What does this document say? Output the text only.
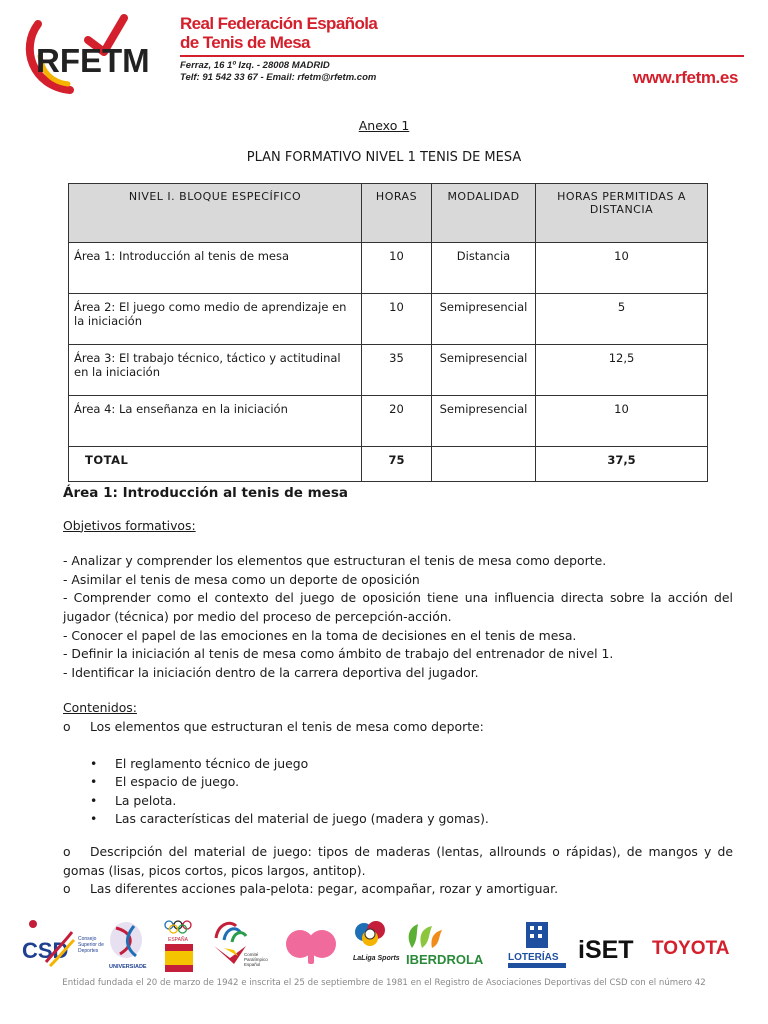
RFETM
Real Federación Española
de Tenis de Mesa
Ferraz, 16 1º Izq. - 28008 MADRID
Telf: 91 542 33 67 - Email: rfetm@rfetm.com	www.rfetm.es
Anexo 1
PLAN FORMATIVO NIVEL 1 TENIS DE MESA
NIVEL I. BLOQUE ESPECÍFICO	HORAS	MODALIDAD	HORAS PERMITIDAS A DISTANCIA
Área 1: Introducción al tenis de mesa	10	Distancia	10
Área 2: El juego como medio de aprendizaje en la iniciación	10	Semipresencial	5
Área 3: El trabajo técnico, táctico y actitudinal en la iniciación	35	Semipresencial	12,5
Área 4: La enseñanza en la iniciación	20	Semipresencial	10
TOTAL	75		37,5
Área 1: Introducción al tenis de mesa
Objetivos formativos:

- Analizar y comprender los elementos que estructuran el tenis de mesa como deporte.

- Asimilar el tenis de mesa como un deporte de oposición

- Comprender como el contexto del juego de oposición tiene una influencia directa sobre la acción del jugador (técnica) por medio del proceso de percepción-acción.

- Conocer el papel de las emociones en la toma de decisiones en el tenis de mesa.

- Definir la iniciación al tenis de mesa como ámbito de trabajo del entrenador de nivel 1.

- Identificar la iniciación dentro de la carrera deportiva del jugador.

Contenidos:

o Los elementos que estructuran el tenis de mesa como deporte:

• El reglamento técnico de juego
• El espacio de juego.
• La pelota.
• Las características del material de juego (madera y gomas).

o Descripción del material de juego: tipos de maderas (lentas, allrounds o rápidas), de mangos y de gomas (lisas, picos cortos, picos largos, antitop).

o Las diferentes acciones pala-pelota: pegar, acompañar, rozar y amortiguar.

CSD Consejo Superior de Deportes
UNIVERSIADE
ESPAÑA
Comité Paralímpico Español
Comité Paralímpico Español
LaLiga Sports IBERDROLA LOTERÍAS iSET TOYOTA
Entidad fundada el 20 de marzo de 1942 e inscrita el 25 de septiembre de 1981 en el Registro de Asociaciones Deportivas del CSD con el número 42
